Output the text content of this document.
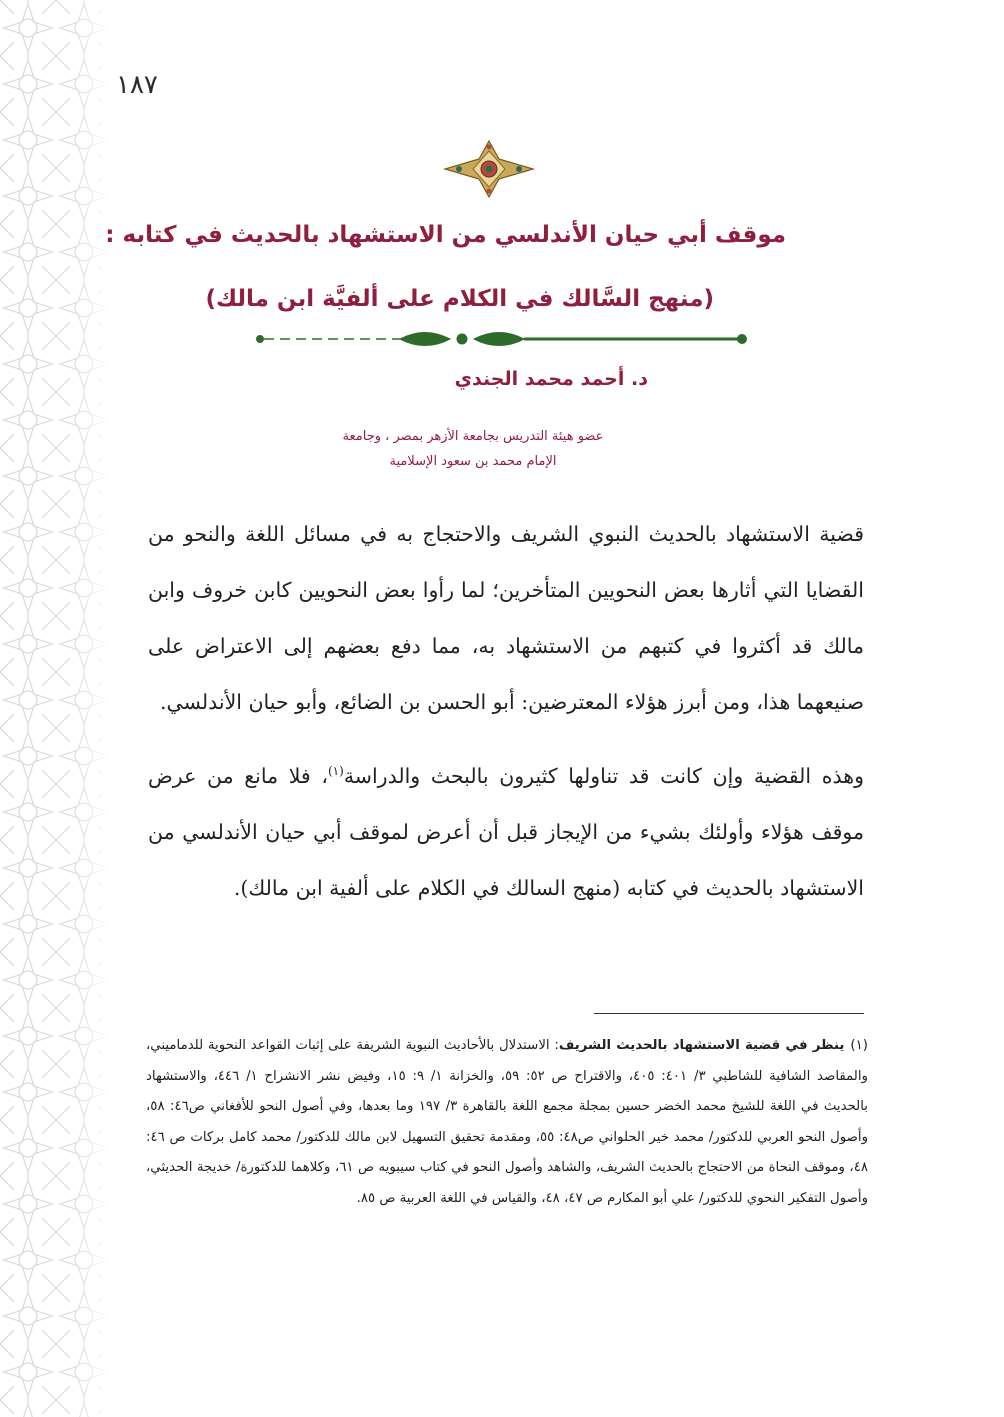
١٨٧
موقف أبي حيان الأندلسي من الاستشهاد بالحديث في كتابه :
(منهج السَّالك في الكلام على ألفيَّة ابن مالك)
د. أحمد محمد الجندي
عضو هيئة التدريس بجامعة الأزهر بمصر ، وجامعة
الإمام محمد بن سعود الإسلامية

قضية الاستشهاد بالحديث النبوي الشريف والاحتجاج به في مسائل اللغة والنحو من القضايا التي أثارها بعض النحويين المتأخرين؛ لما رأوا بعض النحويين كابن خروف وابن مالك قد أكثروا في كتبهم من الاستشهاد به، مما دفع بعضهم إلى الاعتراض على صنيعهما هذا، ومن أبرز هؤلاء المعترضين: أبو الحسن بن الضائع، وأبو حيان الأندلسي.

وهذه القضية وإن كانت قد تناولها كثيرون بالبحث والدراسة$^{(١)}$، فلا مانع من عرض موقف هؤلاء وأولئك بشيء من الإيجاز قبل أن أعرض لموقف أبي حيان الأندلسي من الاستشهاد بالحديث في كتابه (منهج السالك في الكلام على ألفية ابن مالك).

(١)ينظر في قضية الاستشهاد بالحديث الشريف: الاستدلال بالأحاديث النبوية الشريفة على إثبات القواعد النحوية للدماميني، والمقاصد الشافية للشاطبي ٣/ ٤٠١: ٤٠٥، والاقتراح ص ٥٢: ٥٩، والخزانة ١/ ٩: ١٥، وفيض نشر الانشراح ١/ ٤٤٦، والاستشهاد بالحديث في اللغة للشيخ محمد الخضر حسين بمجلة مجمع اللغة بالقاهرة ٣/ ١٩٧ وما بعدها، وفي أصول النحو للأفغاني ص٤٦: ٥٨، وأصول النحو العربي للدكتور/ محمد خير الحلواني ص٤٨: ٥٥، ومقدمة تحقيق التسهيل لابن مالك للدكتور/ محمد كامل بركات ص ٤٦: ٤٨، وموقف النحاة من الاحتجاج بالحديث الشريف، والشاهد وأصول النحو في كتاب سيبويه ص ٦١، وكلاهما للدكتورة/ خديجة الحديثي، وأصول التفكير النحوي للدكتور/ علي أبو المكارم ص ٤٧، ٤٨، والقياس في اللغة العربية ص ٨٥.
